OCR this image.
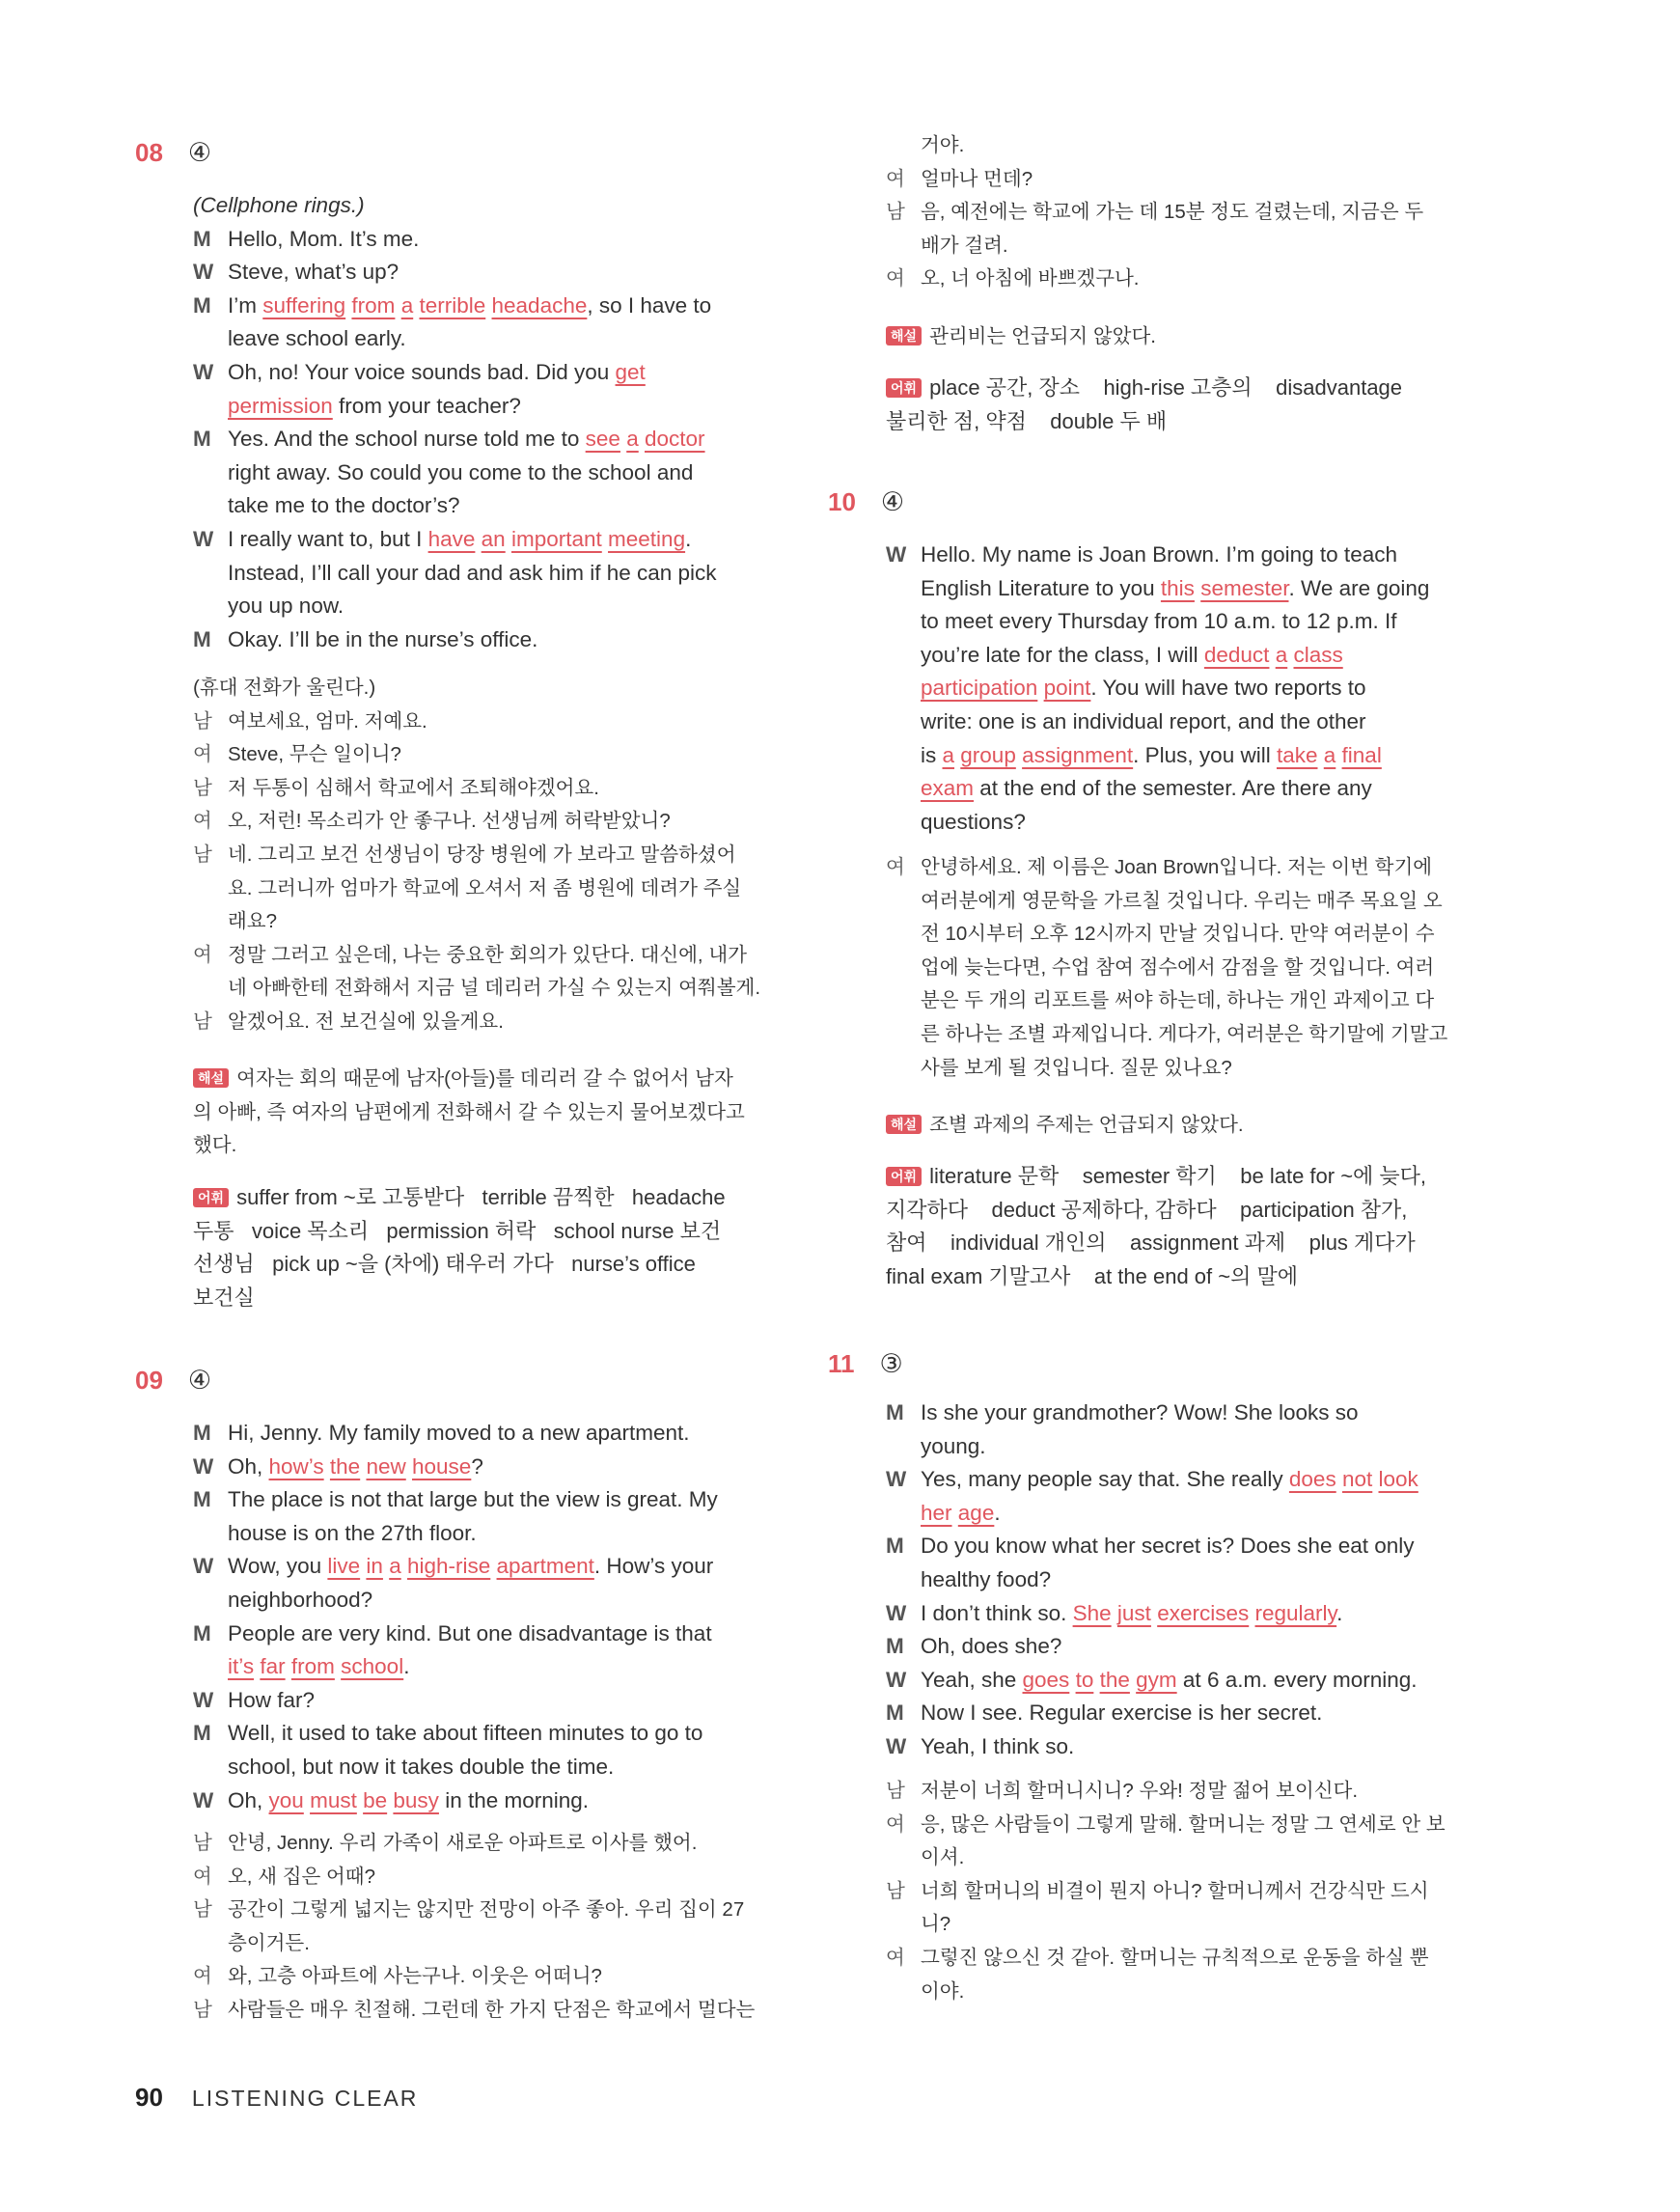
08 ④
(Cellphone rings.)
M Hello, Mom. It’s me.
W Steve, what’s up?
M I’m suffering from a terrible headache, so I have to
leave school early.
W Oh, no! Your voice sounds bad. Did you get
permission from your teacher?
M Yes. And the school nurse told me to see a doctor
right away. So could you come to the school and
take me to the doctor’s?
W I really want to, but I have an important meeting.
Instead, I’ll call your dad and ask him if he can pick
you up now.
M Okay. I’ll be in the nurse’s office.
(휴대 전화가 울린다.)
남 여보세요, 엄마. 저예요.
여 Steve, 무슨 일이니?
남 저 두통이 심해서 학교에서 조퇴해야겠어요.
여 오, 저런! 목소리가 안 좋구나. 선생님께 허락받았니?
남 네. 그리고 보건 선생님이 당장 병원에 가 보라고 말씀하셨어
요. 그러니까 엄마가 학교에 오셔서 저 좀 병원에 데려가 주실
래요?
여 정말 그러고 싶은데, 나는 중요한 회의가 있단다. 대신에, 내가
네 아빠한테 전화해서 지금 널 데리러 가실 수 있는지 여쭤볼게.
남 알겠어요. 전 보건실에 있을게요.
해설 여자는 회의 때문에 남자(아들)를 데리러 갈 수 없어서 남자
의 아빠, 즉 여자의 남편에게 전화해서 갈 수 있는지 물어보겠다고
했다.
어휘 suffer from ~로 고통받다   terrible 끔찍한   headache
두통   voice 목소리   permission 허락   school nurse 보건
선생님   pick up ~을 (차에) 태우러 가다   nurse’s office
보건실
09 ④
M Hi, Jenny. My family moved to a new apartment.
W Oh, how’s the new house?
M The place is not that large but the view is great. My
house is on the 27th floor.
W Wow, you live in a high-rise apartment. How’s your
neighborhood?
M People are very kind. But one disadvantage is that
it’s far from school.
W How far?
M Well, it used to take about fifteen minutes to go to
school, but now it takes double the time.
W Oh, you must be busy in the morning.
남 안녕, Jenny. 우리 가족이 새로운 아파트로 이사를 했어.
여 오, 새 집은 어때?
남 공간이 그렇게 넓지는 않지만 전망이 아주 좋아. 우리 집이 27
층이거든.
여 와, 고층 아파트에 사는구나. 이웃은 어떠니?
남 사람들은 매우 친절해. 그런데 한 가지 단점은 학교에서 멀다는
거야.
여 얼마나 먼데?
남 음, 예전에는 학교에 가는 데 15분 정도 걸렸는데, 지금은 두
배가 걸려.
여 오, 너 아침에 바쁘겠구나.
해설 관리비는 언급되지 않았다.
어휘 place 공간, 장소    high-rise 고층의    disadvantage
불리한 점, 약점    double 두 배
10 ④
W Hello. My name is Joan Brown. I’m going to teach
English Literature to you this semester. We are going
to meet every Thursday from 10 a.m. to 12 p.m. If
you’re late for the class, I will deduct a class
participation point. You will have two reports to
write: one is an individual report, and the other
is a group assignment. Plus, you will take a final
exam at the end of the semester. Are there any
questions?
여 안녕하세요. 제 이름은 Joan Brown입니다. 저는 이번 학기에
여러분에게 영문학을 가르칠 것입니다. 우리는 매주 목요일 오
전 10시부터 오후 12시까지 만날 것입니다. 만약 여러분이 수
업에 늦는다면, 수업 참여 점수에서 감점을 할 것입니다. 여러
분은 두 개의 리포트를 써야 하는데, 하나는 개인 과제이고 다
른 하나는 조별 과제입니다. 게다가, 여러분은 학기말에 기말고
사를 보게 될 것입니다. 질문 있나요?
해설 조별 과제의 주제는 언급되지 않았다.
어휘 literature 문학    semester 학기    be late for ~에 늦다,
지각하다    deduct 공제하다, 감하다    participation 참가,
참여    individual 개인의    assignment 과제    plus 게다가
final exam 기말고사    at the end of ~의 말에
11 ③
M Is she your grandmother? Wow! She looks so
young.
W Yes, many people say that. She really does not look
her age.
M Do you know what her secret is? Does she eat only
healthy food?
W I don’t think so. She just exercises regularly.
M Oh, does she?
W Yeah, she goes to the gym at 6 a.m. every morning.
M Now I see. Regular exercise is her secret.
W Yeah, I think so.
남 저분이 너희 할머니시니? 우와! 정말 젊어 보이신다.
여 응, 많은 사람들이 그렇게 말해. 할머니는 정말 그 연세로 안 보
이셔.
남 너희 할머니의 비결이 뭔지 아니? 할머니께서 건강식만 드시
니?
여 그렇진 않으신 것 같아. 할머니는 규칙적으로 운동을 하실 뿐
이야.
90 LISTENING CLEAR
